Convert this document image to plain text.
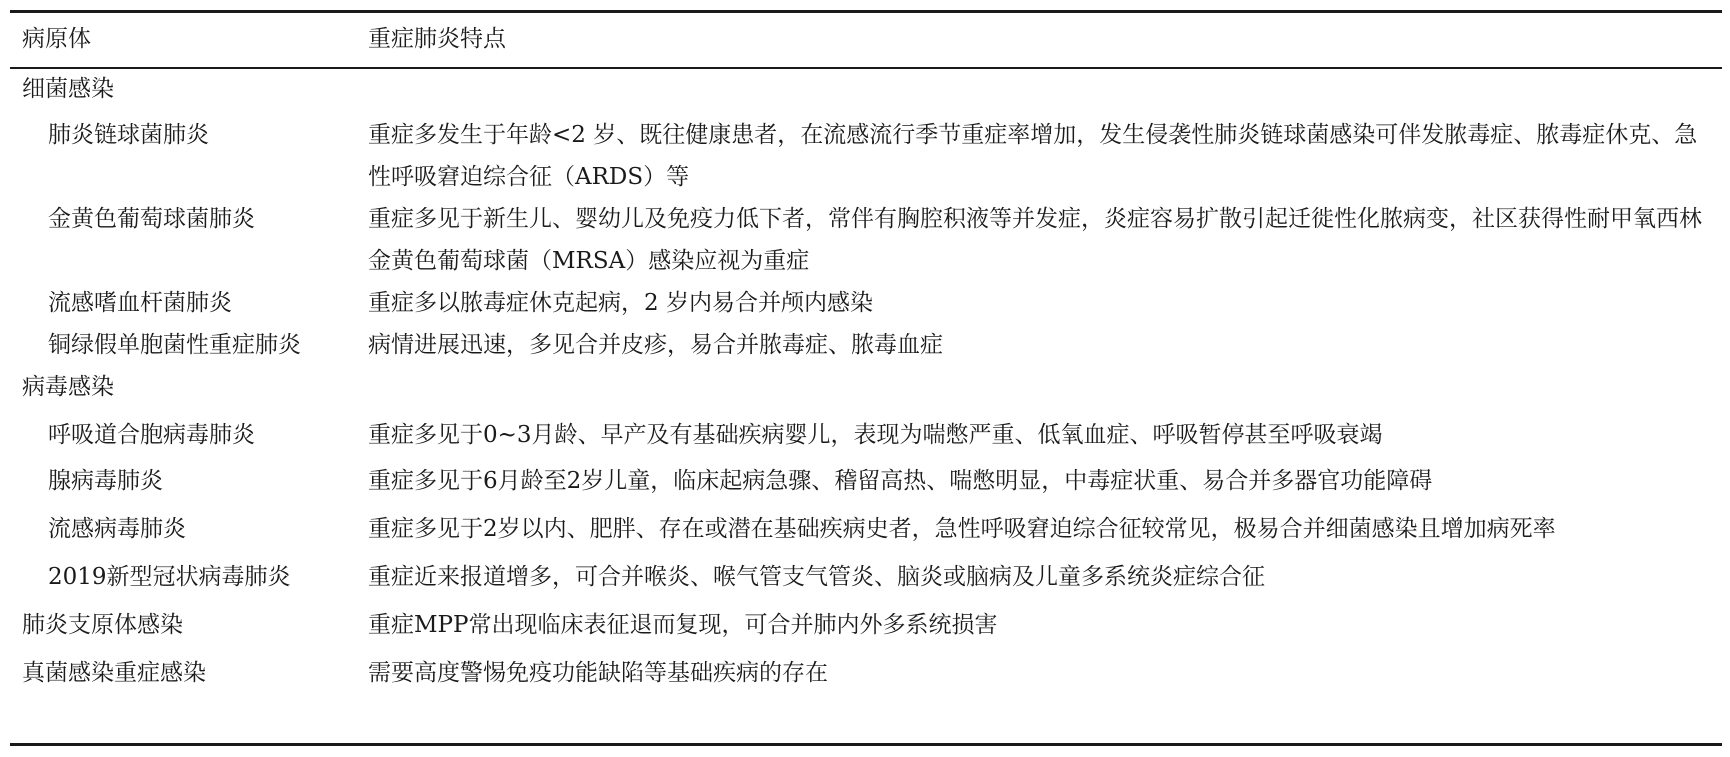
病原体	重症肺炎特点
细菌感染
肺炎链球菌肺炎	重症多发生于年龄<2 岁、既往健康患者，在流感流行季节重症率增加，发生侵袭性肺炎链球菌感染可伴发脓毒症、脓毒症休克、急性呼吸窘迫综合征（ARDS）等
金黄色葡萄球菌肺炎	重症多见于新生儿、婴幼儿及免疫力低下者，常伴有胸腔积液等并发症，炎症容易扩散引起迁徙性化脓病变，社区获得性耐甲氧西林金黄色葡萄球菌（MRSA）感染应视为重症
流感嗜血杆菌肺炎	重症多以脓毒症休克起病，2 岁内易合并颅内感染
铜绿假单胞菌性重症肺炎	病情进展迅速，多见合并皮疹，易合并脓毒症、脓毒血症
病毒感染
呼吸道合胞病毒肺炎	重症多见于0~3月龄、早产及有基础疾病婴儿，表现为喘憋严重、低氧血症、呼吸暂停甚至呼吸衰竭
腺病毒肺炎	重症多见于6月龄至2岁儿童，临床起病急骤、稽留高热、喘憋明显，中毒症状重、易合并多器官功能障碍
流感病毒肺炎	重症多见于2岁以内、肥胖、存在或潜在基础疾病史者，急性呼吸窘迫综合征较常见，极易合并细菌感染且增加病死率
2019新型冠状病毒肺炎	重症近来报道增多，可合并喉炎、喉气管支气管炎、脑炎或脑病及儿童多系统炎症综合征
肺炎支原体感染	重症MPP常出现临床表征退而复现，可合并肺内外多系统损害
真菌感染重症感染	需要高度警惕免疫功能缺陷等基础疾病的存在
